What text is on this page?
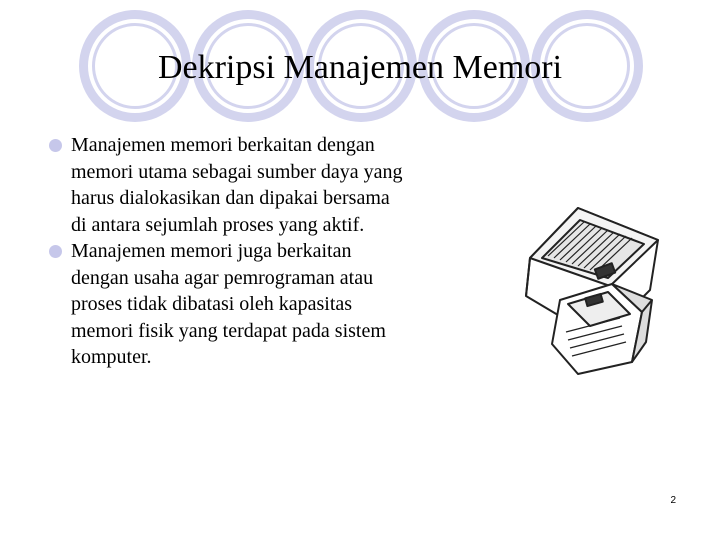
Dekripsi Manajemen Memori
Manajemen memori berkaitan dengan
memori utama sebagai sumber daya yang
harus dialokasikan dan dipakai bersama
di antara sejumlah proses yang aktif.
Manajemen memori juga berkaitan
dengan usaha agar pemrograman atau
proses tidak dibatasi oleh kapasitas
memori fisik yang terdapat pada sistem
komputer.
2
